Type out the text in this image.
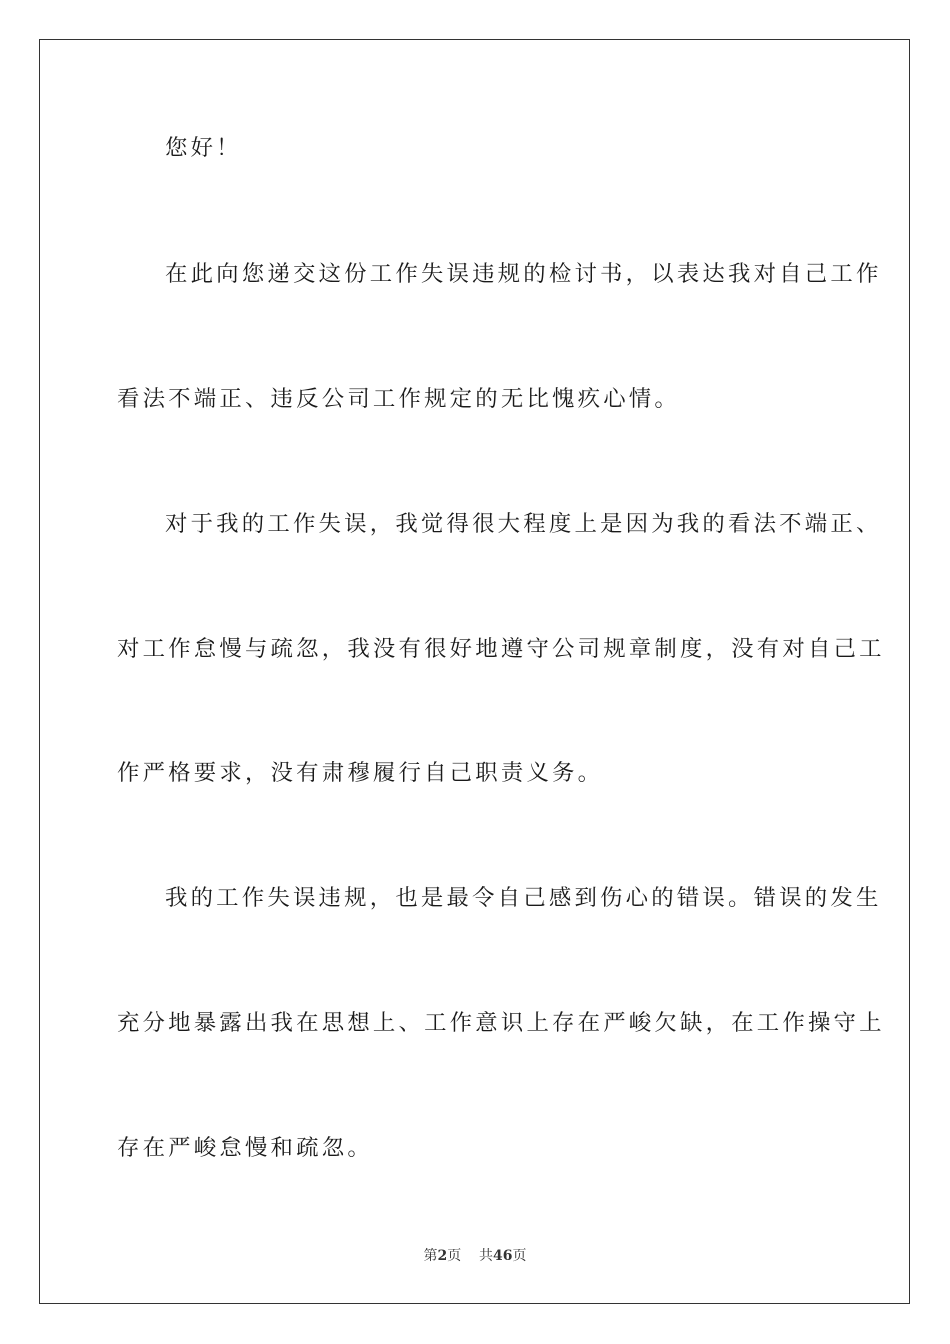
您好！
在此向您递交这份工作失误违规的检讨书，以表达我对自己工作
看法不端正、违反公司工作规定的无比愧疚心情。
对于我的工作失误，我觉得很大程度上是因为我的看法不端正、
对工作怠慢与疏忽，我没有很好地遵守公司规章制度，没有对自己工
作严格要求，没有肃穆履行自己职责义务。
我的工作失误违规，也是最令自己感到伤心的错误。错误的发生
充分地暴露出我在思想上、工作意识上存在严峻欠缺，在工作操守上
存在严峻怠慢和疏忽。
第2页 共46页
